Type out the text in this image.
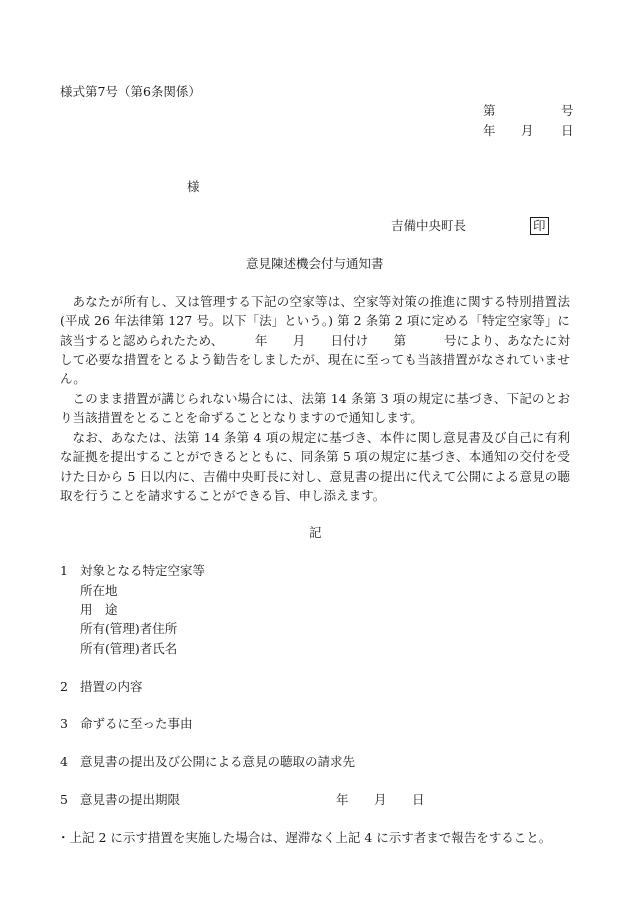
様式第7号（第6条関係）
第	号
年 月 日
様
吉備中央町長	印
意見陳述機会付与通知書
あなたが所有し、又は管理する下記の空家等は、空家等対策の推進に関する特別措置法(平成 26 年法律第 127 号。以下「法」という。) 第 2 条第 2 項に定める「特定空家等」に該当すると認められたため、　　　年　　月　　日付け　　第　　　号により、あなたに対して必要な措置をとるよう勧告をしましたが、現在に至っても当該措置がなされていません。
このまま措置が講じられない場合には、法第 14 条第 3 項の規定に基づき、下記のとおり当該措置をとることを命ずることとなりますので通知します。
なお、あなたは、法第 14 条第 4 項の規定に基づき、本件に関し意見書及び自己に有利な証拠を提出することができるとともに、同条第 5 項の規定に基づき、本通知の交付を受けた日から 5 日以内に、吉備中央町長に対し、意見書の提出に代えて公開による意見の聴取を行うことを請求することができる旨、申し添えます。
記
1 対象となる特定空家等
所在地
用　途
所有(管理)者住所
所有(管理)者氏名
2 措置の内容
3 命ずるに至った事由
4 意見書の提出及び公開による意見の聴取の請求先
5 意見書の提出期限	年 月 日
・上記 2 に示す措置を実施した場合は、遅滞なく上記 4 に示す者まで報告をすること。
